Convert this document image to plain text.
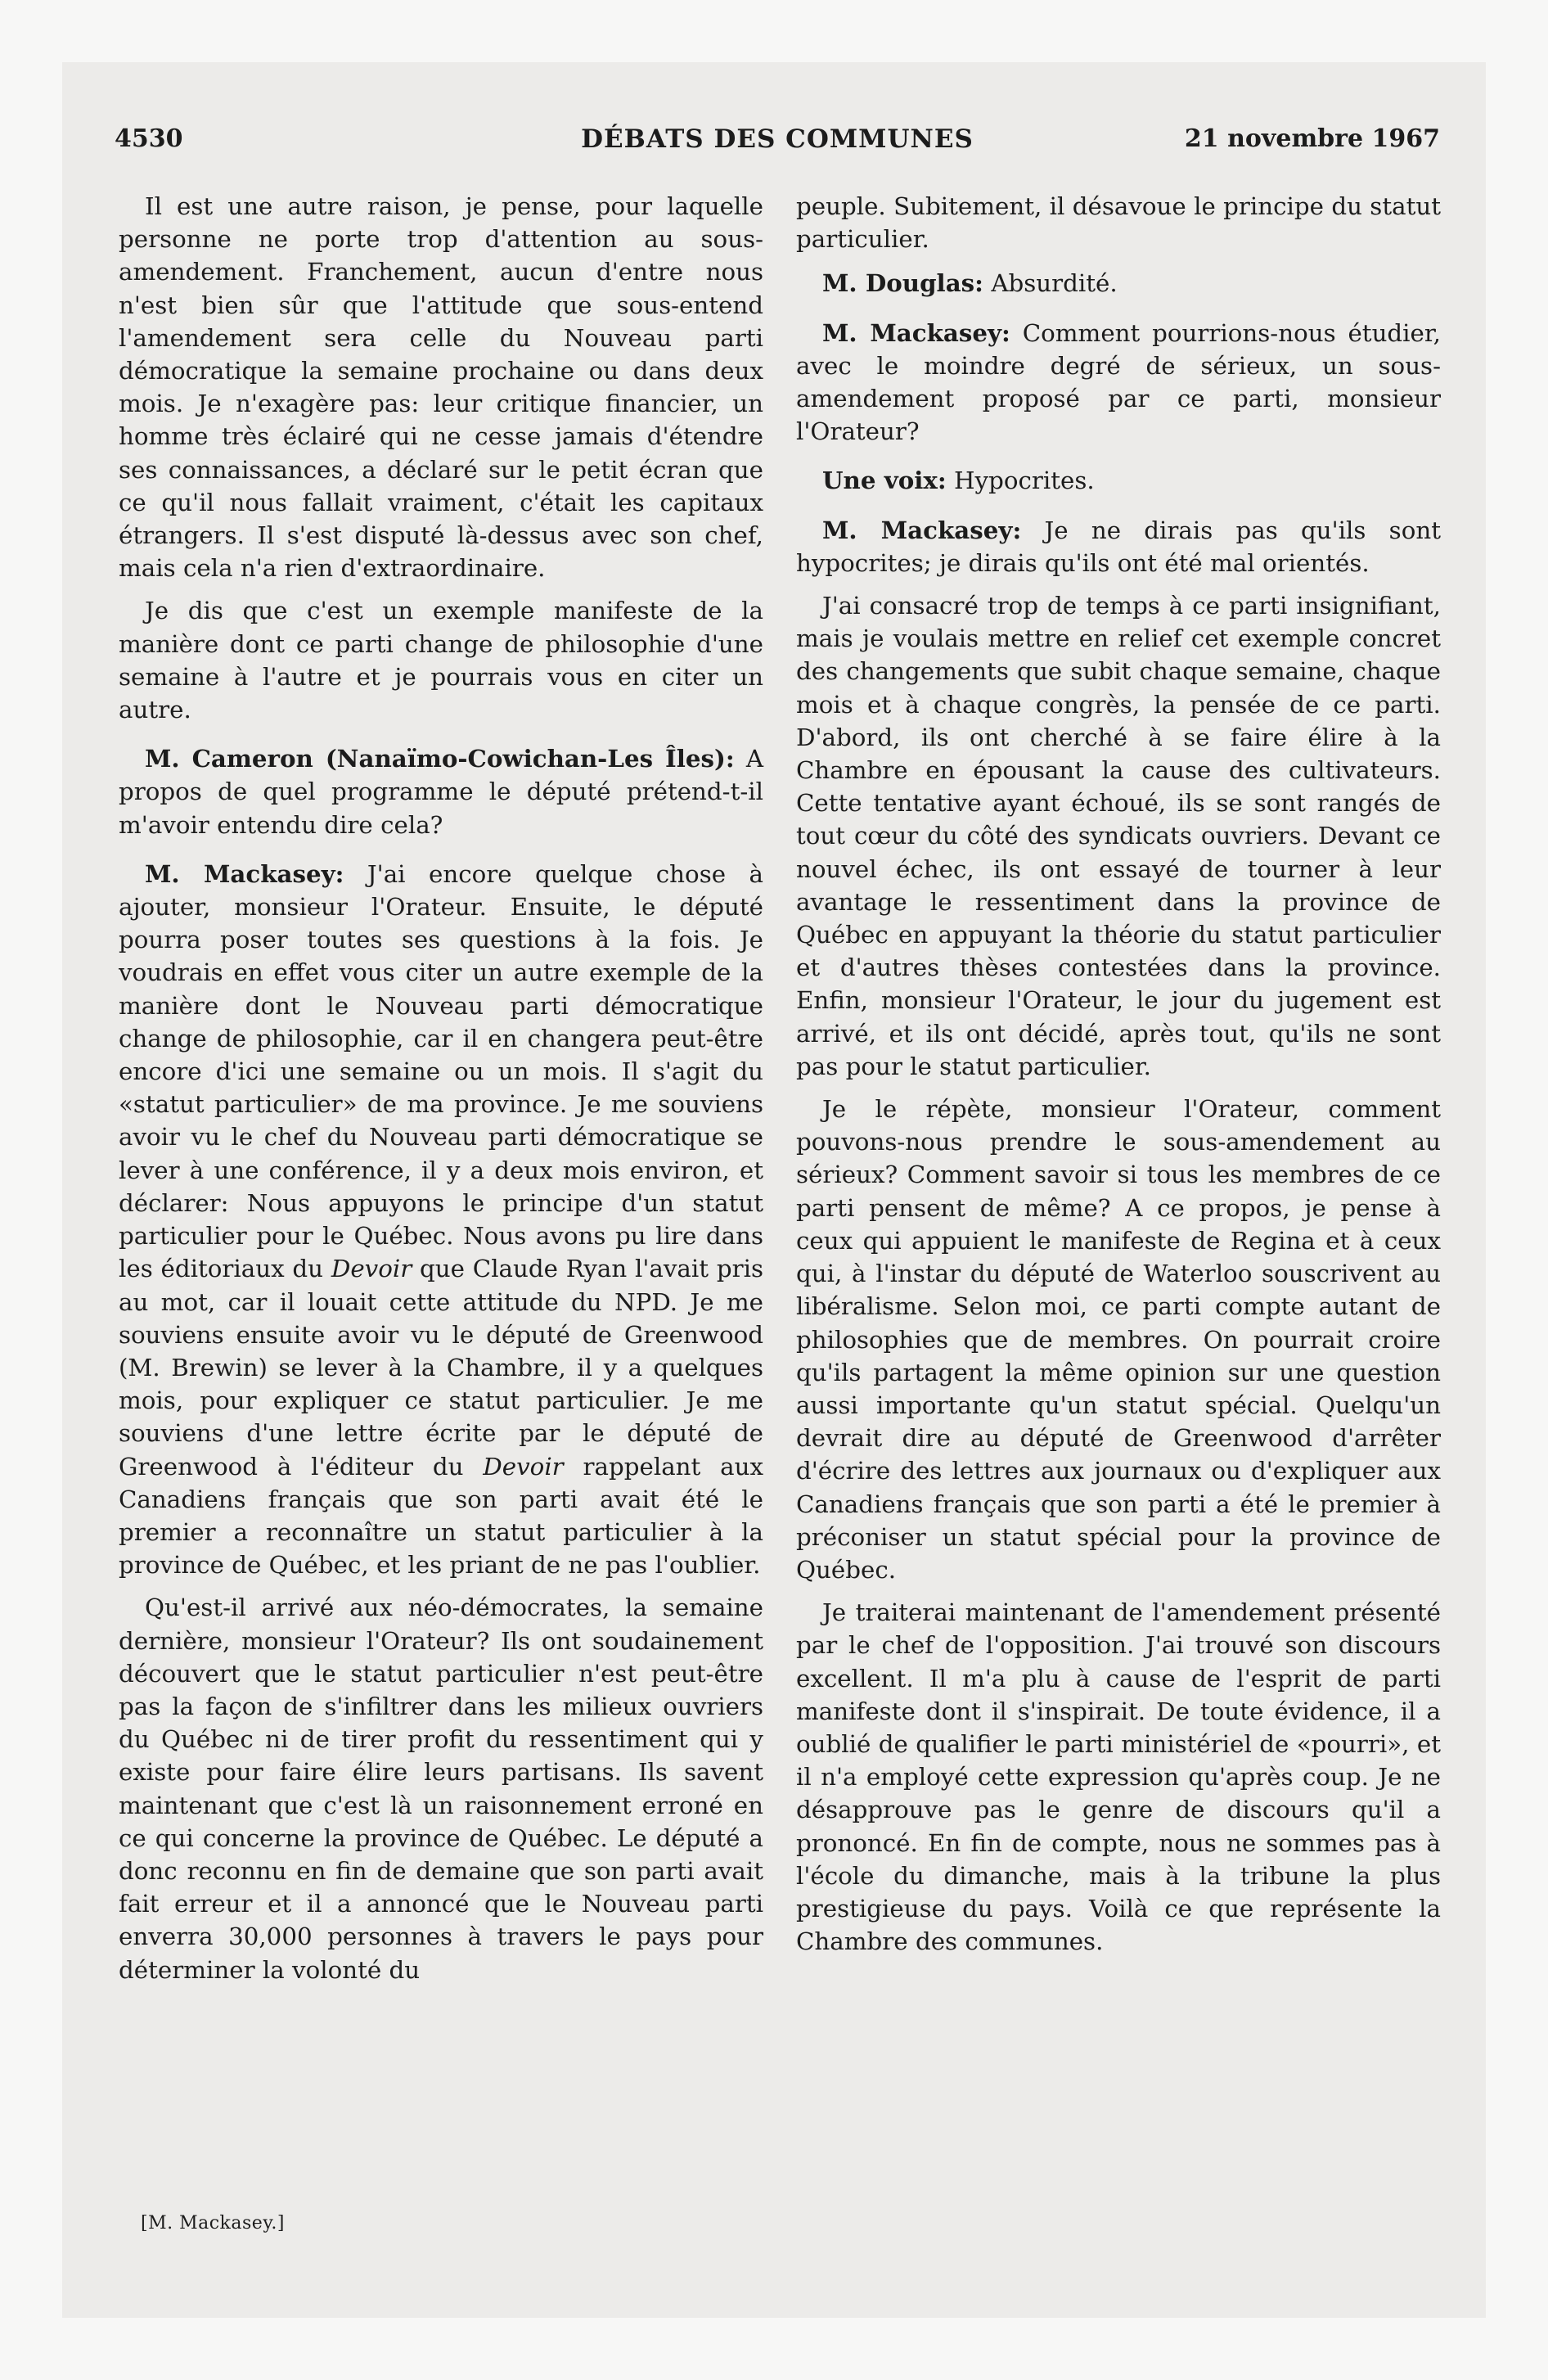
4530	DÉBATS DES COMMUNES	21 novembre 1967

Il est une autre raison, je pense, pour laquelle personne ne porte trop d'attention au sous-amendement. Franchement, aucun d'entre nous n'est bien sûr que l'attitude que sous-entend l'amendement sera celle du Nouveau parti démocratique la semaine prochaine ou dans deux mois. Je n'exagère pas: leur critique financier, un homme très éclairé qui ne cesse jamais d'étendre ses connaissances, a déclaré sur le petit écran que ce qu'il nous fallait vraiment, c'était les capitaux étrangers. Il s'est disputé là-dessus avec son chef, mais cela n'a rien d'extraordinaire.

Je dis que c'est un exemple manifeste de la manière dont ce parti change de philosophie d'une semaine à l'autre et je pourrais vous en citer un autre.

M. Cameron (Nanaïmo-Cowichan-Les Îles): A propos de quel programme le député prétend-t-il m'avoir entendu dire cela?

M. Mackasey: J'ai encore quelque chose à ajouter, monsieur l'Orateur. Ensuite, le député pourra poser toutes ses questions à la fois. Je voudrais en effet vous citer un autre exemple de la manière dont le Nouveau parti démocratique change de philosophie, car il en changera peut-être encore d'ici une semaine ou un mois. Il s'agit du «statut particulier» de ma province. Je me souviens avoir vu le chef du Nouveau parti démocratique se lever à une conférence, il y a deux mois environ, et déclarer: Nous appuyons le principe d'un statut particulier pour le Québec. Nous avons pu lire dans les éditoriaux du Devoir que Claude Ryan l'avait pris au mot, car il louait cette attitude du NPD. Je me souviens ensuite avoir vu le député de Greenwood (M. Brewin) se lever à la Chambre, il y a quelques mois, pour expliquer ce statut particulier. Je me souviens d'une lettre écrite par le député de Greenwood à l'éditeur du Devoir rappelant aux Canadiens français que son parti avait été le premier a reconnaître un statut particulier à la province de Québec, et les priant de ne pas l'oublier.

Qu'est-il arrivé aux néo-démocrates, la semaine dernière, monsieur l'Orateur? Ils ont soudainement découvert que le statut particulier n'est peut-être pas la façon de s'infiltrer dans les milieux ouvriers du Québec ni de tirer profit du ressentiment qui y existe pour faire élire leurs partisans. Ils savent maintenant que c'est là un raisonnement erroné en ce qui concerne la province de Québec. Le député a donc reconnu en fin de demaine que son parti avait fait erreur et il a annoncé que le Nouveau parti enverra 30,000 personnes à travers le pays pour déterminer la volonté du

peuple. Subitement, il désavoue le principe du statut particulier.

M. Douglas: Absurdité.

M. Mackasey: Comment pourrions-nous étudier, avec le moindre degré de sérieux, un sous-amendement proposé par ce parti, monsieur l'Orateur?

Une voix: Hypocrites.

M. Mackasey: Je ne dirais pas qu'ils sont hypocrites; je dirais qu'ils ont été mal orientés.

J'ai consacré trop de temps à ce parti insignifiant, mais je voulais mettre en relief cet exemple concret des changements que subit chaque semaine, chaque mois et à chaque congrès, la pensée de ce parti. D'abord, ils ont cherché à se faire élire à la Chambre en épousant la cause des cultivateurs. Cette tentative ayant échoué, ils se sont rangés de tout cœur du côté des syndicats ouvriers. Devant ce nouvel échec, ils ont essayé de tourner à leur avantage le ressentiment dans la province de Québec en appuyant la théorie du statut particulier et d'autres thèses contestées dans la province. Enfin, monsieur l'Orateur, le jour du jugement est arrivé, et ils ont décidé, après tout, qu'ils ne sont pas pour le statut particulier.

Je le répète, monsieur l'Orateur, comment pouvons-nous prendre le sous-amendement au sérieux? Comment savoir si tous les membres de ce parti pensent de même? A ce propos, je pense à ceux qui appuient le manifeste de Regina et à ceux qui, à l'instar du député de Waterloo souscrivent au libéralisme. Selon moi, ce parti compte autant de philosophies que de membres. On pourrait croire qu'ils partagent la même opinion sur une question aussi importante qu'un statut spécial. Quelqu'un devrait dire au député de Greenwood d'arrêter d'écrire des lettres aux journaux ou d'expliquer aux Canadiens français que son parti a été le premier à préconiser un statut spécial pour la province de Québec.

Je traiterai maintenant de l'amendement présenté par le chef de l'opposition. J'ai trouvé son discours excellent. Il m'a plu à cause de l'esprit de parti manifeste dont il s'inspirait. De toute évidence, il a oublié de qualifier le parti ministériel de «pourri», et il n'a employé cette expression qu'après coup. Je ne désapprouve pas le genre de discours qu'il a prononcé. En fin de compte, nous ne sommes pas à l'école du dimanche, mais à la tribune la plus prestigieuse du pays. Voilà ce que représente la Chambre des communes.

[M. Mackasey.]
